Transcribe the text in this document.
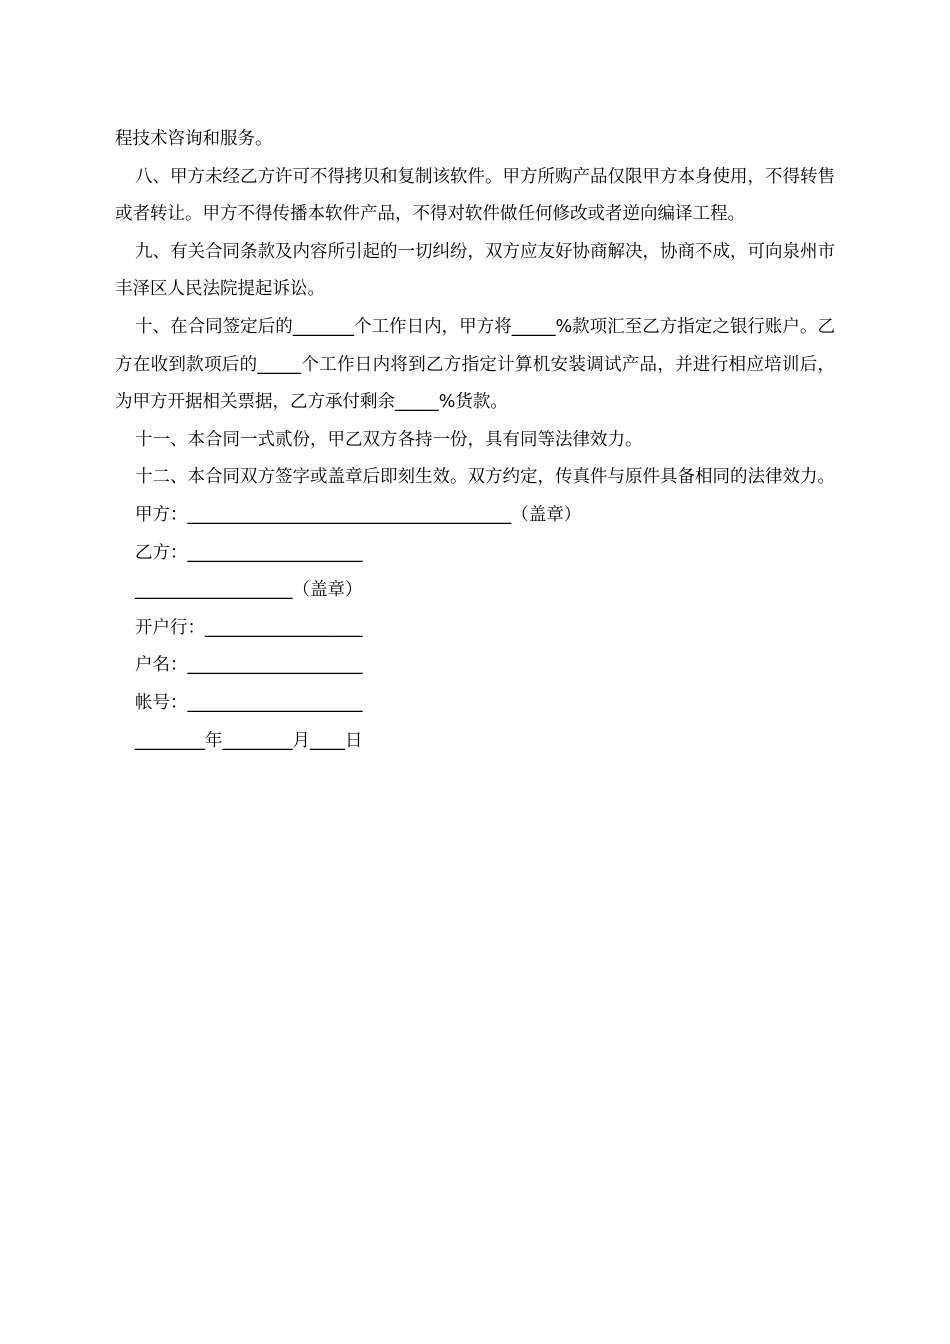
程技术咨询和服务。

八、甲方未经乙方许可不得拷贝和复制该软件。甲方所购产品仅限甲方本身使用，不得转售或者转让。甲方不得传播本软件产品，不得对软件做任何修改或者逆向编译工程。

九、有关合同条款及内容所引起的一切纠纷，双方应友好协商解决，协商不成，可向泉州市丰泽区人民法院提起诉讼。

十、在合同签定后的_______个工作日内，甲方将_____%款项汇至乙方指定之银行账户。乙方在收到款项后的_____个工作日内将到乙方指定计算机安装调试产品，并进行相应培训后，为甲方开据相关票据，乙方承付剩余_____%货款。

十一、本合同一式贰份，甲乙双方各持一份，具有同等法律效力。

十二、本合同双方签字或盖章后即刻生效。双方约定，传真件与原件具备相同的法律效力。

甲方：_____________________________________（盖章）

乙方：____________________

__________________（盖章）

开户行：__________________

户名：____________________

帐号：____________________

________年________月____日
